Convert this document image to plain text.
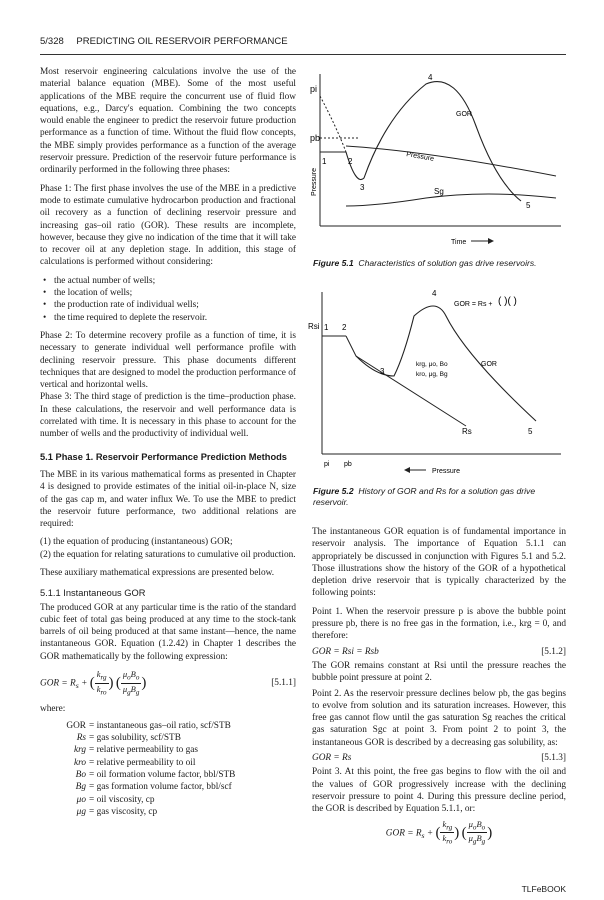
5/328 PREDICTING OIL RESERVOIR PERFORMANCE

Most reservoir engineering calculations involve the use of the material balance equation (MBE). Some of the most useful applications of the MBE require the concurrent use of fluid flow equations, e.g., Darcy's equation. Combining the two concepts would enable the engineer to predict the reservoir future production performance as a function of time. Without the fluid flow concepts, the MBE simply provides performance as a function of the average reservoir pressure. Prediction of the reservoir future performance is ordinarily performed in the following three phases:

Phase 1: The first phase involves the use of the MBE in a predictive mode to estimate cumulative hydrocarbon production and fractional oil recovery as a function of declining reservoir pressure and increasing gas–oil ratio (GOR). These results are incomplete, however, because they give no indication of the time that it will take to recover oil at any depletion stage. In addition, this stage of calculations is performed without considering:

• the actual number of wells;
• the location of wells;
• the production rate of individual wells;
• the time required to deplete the reservoir.

Phase 2: To determine recovery profile as a function of time, it is necessary to generate individual well performance profile with declining reservoir pressure. This phase documents different techniques that are designed to model the production performance of vertical and horizontal wells.

Phase 3: The third stage of prediction is the time–production phase. In these calculations, the reservoir and well performance data is correlated with time. It is necessary in this phase to account for the number of wells and the productivity of individual well.

5.1 Phase 1. Reservoir Performance Prediction Methods

The MBE in its various mathematical forms as presented in Chapter 4 is designed to provide estimates of the initial oil-in-place N, size of the gas cap m, and water influx We. To use the MBE to predict the reservoir future performance, two additional relations are required:

(1) the equation of producing (instantaneous) GOR;
(2) the equation for relating saturations to cumulative oil production.

These auxiliary mathematical expressions are presented below.

5.1.1 Instantaneous GOR

The produced GOR at any particular time is the ratio of the standard cubic feet of total gas being produced at any time to the stock-tank barrels of oil being produced at that same instant—hence, the name instantaneous GOR. Equation (1.2.42) in Chapter 1 describes the GOR mathematically by the following expression:

GOR = $R_s$ + ( $\frac{k_{rg}}{k_{ro}}$ ) ( $\frac{\mu_oB_o}{\mu_gB_g}$ )	[5.1.1]

where:

GOR = instantaneous gas–oil ratio, scf/STB
Rs = gas solubility, scf/STB
krg = relative permeability to gas
kro = relative permeability to oil
Bo = oil formation volume factor, bbl/STB
Bg = gas formation volume factor, bbl/scf
μo = oil viscosity, cp
μg = gas viscosity, cp
Pressure
pi
pb
1	2
3
4
5
GOR
Pressure
Sg
Time
Figure 5.1 Characteristics of solution gas drive reservoirs.
Rsi 1 2
3
4
5
GOR = Rs + ( )( )
krg, μo, Bo
kro, μg, Bg
GOR
Rs
pi pb
Pressure
Figure 5.2 History of GOR and Rs for a solution gas drive reservoir.

The instantaneous GOR equation is of fundamental importance in reservoir analysis. The importance of Equation 5.1.1 can appropriately be discussed in conjunction with Figures 5.1 and 5.2. Those illustrations show the history of the GOR of a hypothetical depletion drive reservoir that is typically characterized by the following points:

Point 1. When the reservoir pressure p is above the bubble point pressure pb, there is no free gas in the formation, i.e., krg = 0, and therefore:

GOR = Rsi = Rsb	[5.1.2]

The GOR remains constant at Rsi until the pressure reaches the bubble point pressure at point 2.

Point 2. As the reservoir pressure declines below pb, the gas begins to evolve from solution and its saturation increases. However, this free gas cannot flow until the gas saturation Sg reaches the critical gas saturation Sgc at point 3. From point 2 to point 3, the instantaneous GOR is described by a decreasing gas solubility, as:

GOR = Rs	[5.1.3]

Point 3. At this point, the free gas begins to flow with the oil and the values of GOR progressively increase with the declining reservoir pressure to point 4. During this pressure decline period, the GOR is described by Equation 5.1.1, or:

GOR = $R_s$ + ( $\frac{k_{rg}}{k_{ro}}$ ) ( $\frac{\mu_oB_o}{\mu_gB_g}$ )
TLFeBOOK
